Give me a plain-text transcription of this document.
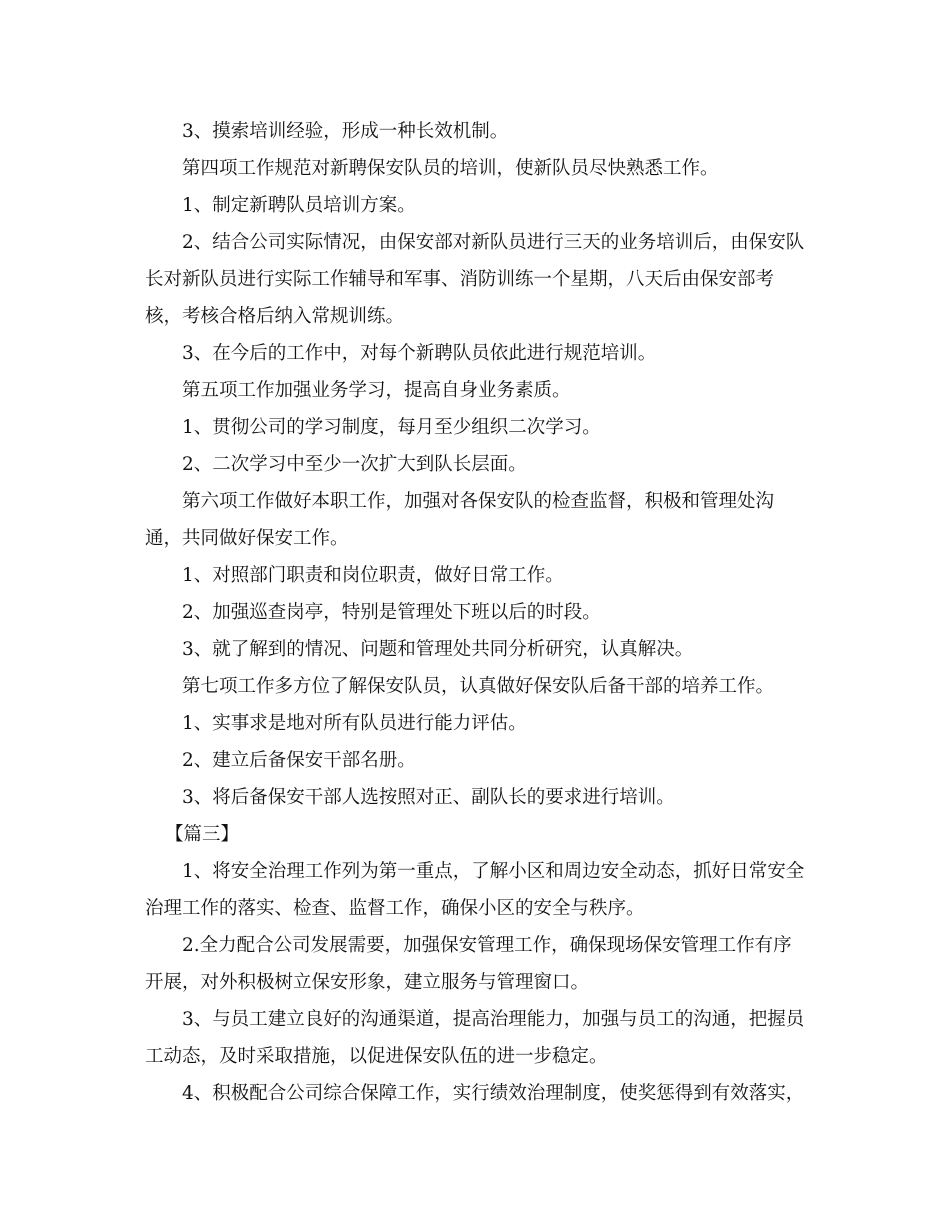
3、摸索培训经验，形成一种长效机制。

第四项工作规范对新聘保安队员的培训，使新队员尽快熟悉工作。

1、制定新聘队员培训方案。

2、结合公司实际情况，由保安部对新队员进行三天的业务培训后，由保安队长对新队员进行实际工作辅导和军事、消防训练一个星期，八天后由保安部考核，考核合格后纳入常规训练。

3、在今后的工作中，对每个新聘队员依此进行规范培训。

第五项工作加强业务学习，提高自身业务素质。

1、贯彻公司的学习制度，每月至少组织二次学习。

2、二次学习中至少一次扩大到队长层面。

第六项工作做好本职工作，加强对各保安队的检查监督，积极和管理处沟通，共同做好保安工作。

1、对照部门职责和岗位职责，做好日常工作。

2、加强巡查岗亭，特别是管理处下班以后的时段。

3、就了解到的情况、问题和管理处共同分析研究，认真解决。

第七项工作多方位了解保安队员，认真做好保安队后备干部的培养工作。

1、实事求是地对所有队员进行能力评估。

2、建立后备保安干部名册。

3、将后备保安干部人选按照对正、副队长的要求进行培训。

【篇三】

1、将安全治理工作列为第一重点，了解小区和周边安全动态，抓好日常安全治理工作的落实、检查、监督工作，确保小区的安全与秩序。

2.全力配合公司发展需要，加强保安管理工作，确保现场保安管理工作有序开展，对外积极树立保安形象，建立服务与管理窗口。

3、与员工建立良好的沟通渠道，提高治理能力，加强与员工的沟通，把握员工动态，及时采取措施，以促进保安队伍的进一步稳定。

4、积极配合公司综合保障工作，实行绩效治理制度，使奖惩得到有效落实，
